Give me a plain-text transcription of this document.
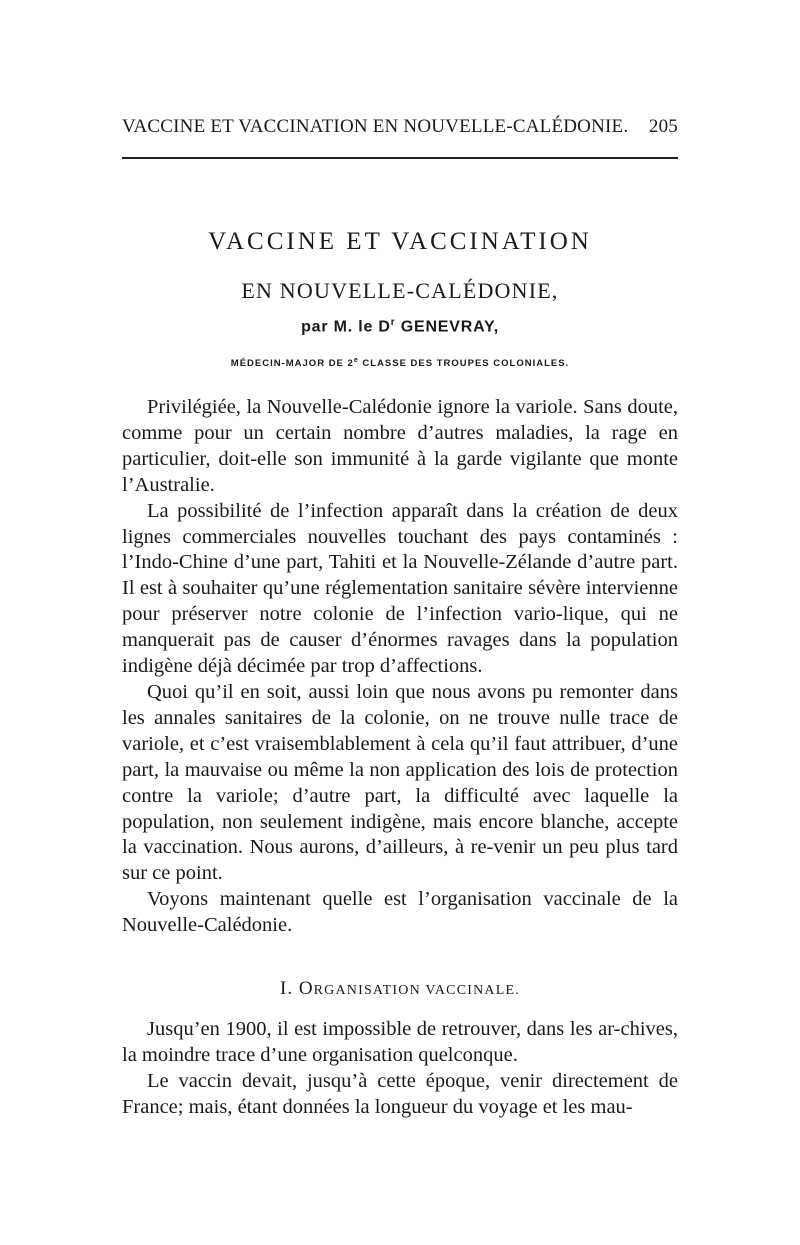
VACCINE ET VACCINATION EN NOUVELLE-CALÉDONIE. 205
VACCINE ET VACCINATION
EN NOUVELLE-CALÉDONIE,
par M. le $D^r$ GENEVRAY,
MÉDECIN-MAJOR DE 2e CLASSE DES TROUPES COLONIALES.

Privilégiée, la Nouvelle-Calédonie ignore la variole. Sans doute, comme pour un certain nombre d’autres maladies, la rage en particulier, doit-elle son immunité à la garde vigilante que monte l’Australie.

La possibilité de l’infection apparaît dans la création de deux lignes commerciales nouvelles touchant des pays contaminés : l’Indo-Chine d’une part, Tahiti et la Nouvelle-Zélande d’autre part. Il est à souhaiter qu’une réglementation sanitaire sévère intervienne pour préserver notre colonie de l’infection vario-lique, qui ne manquerait pas de causer d’énormes ravages dans la population indigène déjà décimée par trop d’affections.

Quoi qu’il en soit, aussi loin que nous avons pu remonter dans les annales sanitaires de la colonie, on ne trouve nulle trace de variole, et c’est vraisemblablement à cela qu’il faut attribuer, d’une part, la mauvaise ou même la non application des lois de protection contre la variole; d’autre part, la difficulté avec laquelle la population, non seulement indigène, mais encore blanche, accepte la vaccination. Nous aurons, d’ailleurs, à re-venir un peu plus tard sur ce point.

Voyons maintenant quelle est l’organisation vaccinale de la Nouvelle-Calédonie.

I. ORGANISATION VACCINALE.

Jusqu’en 1900, il est impossible de retrouver, dans les ar-chives, la moindre trace d’une organisation quelconque.

Le vaccin devait, jusqu’à cette époque, venir directement de France; mais, étant données la longueur du voyage et les mau-
